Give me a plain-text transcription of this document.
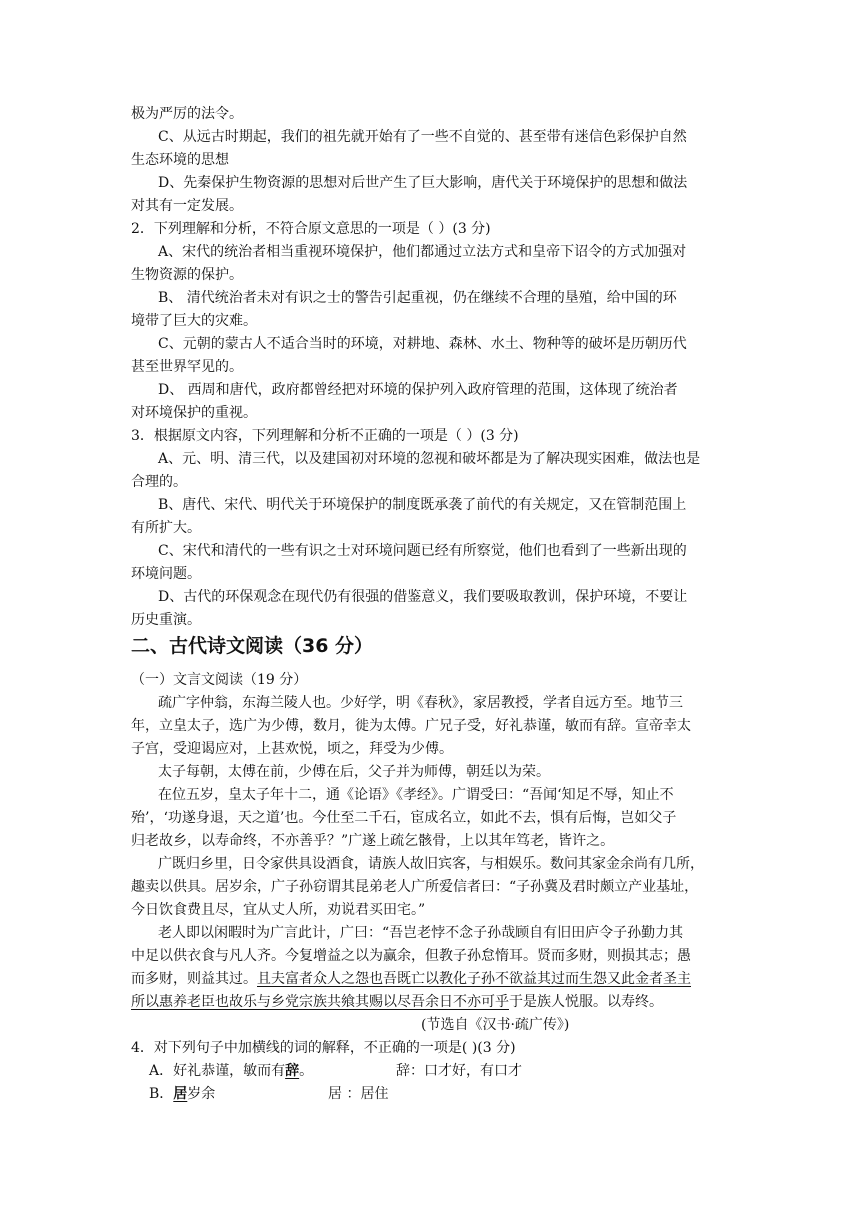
极为严厉的法令。
C、从远古时期起，我们的祖先就开始有了一些不自觉的、甚至带有迷信色彩保护自然
生态环境的思想
D、先秦保护生物资源的思想对后世产生了巨大影响，唐代关于环境保护的思想和做法
对其有一定发展。
2．下列理解和分析，不符合原文意思的一项是（ ）(3 分)
A、宋代的统治者相当重视环境保护，他们都通过立法方式和皇帝下诏令的方式加强对
生物资源的保护。
B、 清代统治者未对有识之士的警告引起重视，仍在继续不合理的垦殖，给中国的环
境带了巨大的灾难。
C、元朝的蒙古人不适合当时的环境，对耕地、森林、水土、物种等的破坏是历朝历代
甚至世界罕见的。
D、 西周和唐代，政府都曾经把对环境的保护列入政府管理的范围，这体现了统治者
对环境保护的重视。
3．根据原文内容，下列理解和分析不正确的一项是（ ）(3 分)
A、元、明、清三代，以及建国初对环境的忽视和破坏都是为了解决现实困难，做法也是
合理的。
B、唐代、宋代、明代关于环境保护的制度既承袭了前代的有关规定，又在管制范围上
有所扩大。
C、宋代和清代的一些有识之士对环境问题已经有所察觉，他们也看到了一些新出现的
环境问题。
D、古代的环保观念在现代仍有很强的借鉴意义，我们要吸取教训，保护环境，不要让
历史重演。
二、古代诗文阅读（36 分）
（一）文言文阅读（19 分）
疏广字仲翁，东海兰陵人也。少好学，明《春秋》，家居教授，学者自远方至。地节三
年，立皇太子，选广为少傅，数月，徙为太傅。广兄子受，好礼恭谨，敏而有辞。宣帝幸太
子宫，受迎谒应对，上甚欢悦，顷之，拜受为少傅。
太子每朝，太傅在前，少傅在后，父子并为师傅，朝廷以为荣。
在位五岁，皇太子年十二，通《论语》《孝经》。广谓受曰：“吾闻‘知足不辱，知止不
殆’，‘功遂身退，天之道’也。今仕至二千石，宦成名立，如此不去，惧有后悔，岂如父子
归老故乡，以寿命终，不亦善乎？”广遂上疏乞骸骨，上以其年笃老，皆许之。
广既归乡里，日令家供具设酒食，请族人故旧宾客，与相娱乐。数问其家金余尚有几所，
趣卖以供具。居岁余，广子孙窃谓其昆弟老人广所爱信者曰：“子孙冀及君时颇立产业基址，
今日饮食费且尽，宜从丈人所，劝说君买田宅。”
老人即以闲暇时为广言此计，广曰：“吾岂老悖不念子孙哉顾自有旧田庐令子孙勤力其
中足以供衣食与凡人齐。今复增益之以为赢余，但教子孙怠惰耳。贤而多财，则损其志；愚
而多财，则益其过。且夫富者众人之怨也吾既亡以教化子孙不欲益其过而生怨又此金者圣主
所以惠养老臣也故乐与乡党宗族共飨其赐以尽吾余日不亦可乎于是族人悦服。以寿终。
(节选自《汉书·疏广传》)
4．对下列句子中加横线的词的解释，不正确的一项是( )(3 分)
A．好礼恭谨，敏而有辞。	辞：口才好，有口才
B．居岁余	居 ：居住
